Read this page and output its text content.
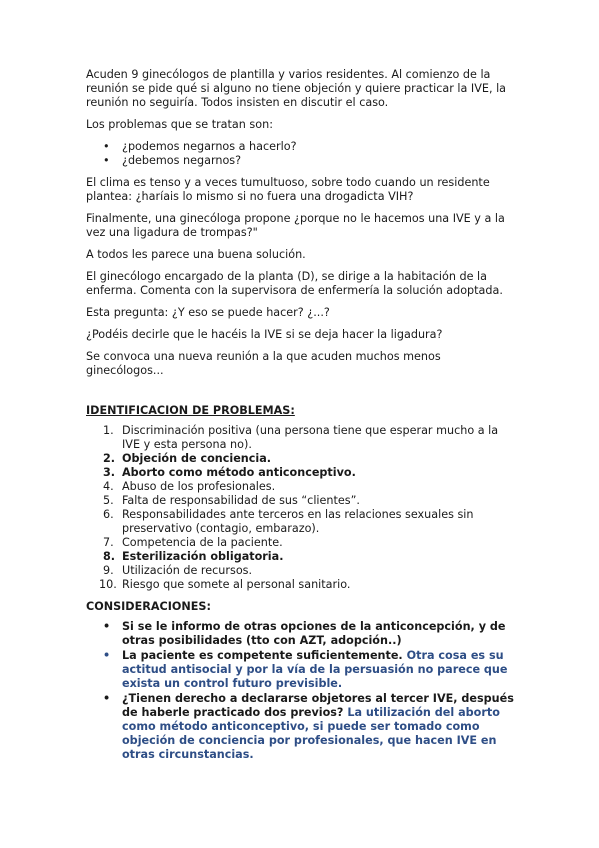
Acuden 9 ginecólogos de plantilla y varios residentes. Al comienzo de la reunión se pide qué si alguno no tiene objeción y quiere practicar la IVE, la reunión no seguiría. Todos insisten en discutir el caso.

Los problemas que se tratan son:

• ¿podemos negarnos a hacerlo?
• ¿debemos negarnos?

El clima es tenso y a veces tumultuoso, sobre todo cuando un residente plantea: ¿haríais lo mismo si no fuera una drogadicta VIH?

Finalmente, una ginecóloga propone ¿porque no le hacemos una IVE y a la vez una ligadura de trompas?"

A todos les parece una buena solución.

El ginecólogo encargado de la planta (D), se dirige a la habitación de la enferma. Comenta con la supervisora de enfermería la solución adoptada.

Esta pregunta: ¿Y eso se puede hacer? ¿...?

¿Podéis decirle que le hacéis la IVE si se deja hacer la ligadura?

Se convoca una nueva reunión a la que acuden muchos menos ginecólogos...

IDENTIFICACION DE PROBLEMAS:
1. Discriminación positiva (una persona tiene que esperar mucho a la IVE y esta persona no).
2. Objeción de conciencia.
3. Aborto como método anticonceptivo.
4. Abuso de los profesionales.
5. Falta de responsabilidad de sus “clientes”.
6. Responsabilidades ante terceros en las relaciones sexuales sin preservativo (contagio, embarazo).
7. Competencia de la paciente.
8. Esterilización obligatoria.
9. Utilización de recursos.
10. Riesgo que somete al personal sanitario.
CONSIDERACIONES:
• Si se le informo de otras opciones de la anticoncepción, y de otras posibilidades (tto con AZT, adopción..)
• La paciente es competente suficientemente. Otra cosa es su actitud antisocial y por la vía de la persuasión no parece que exista un control futuro previsible.
• ¿Tienen derecho a declararse objetores al tercer IVE, después de haberle practicado dos previos? La utilización del aborto como método anticonceptivo, si puede ser tomado como objeción de conciencia por profesionales, que hacen IVE en otras circunstancias.
